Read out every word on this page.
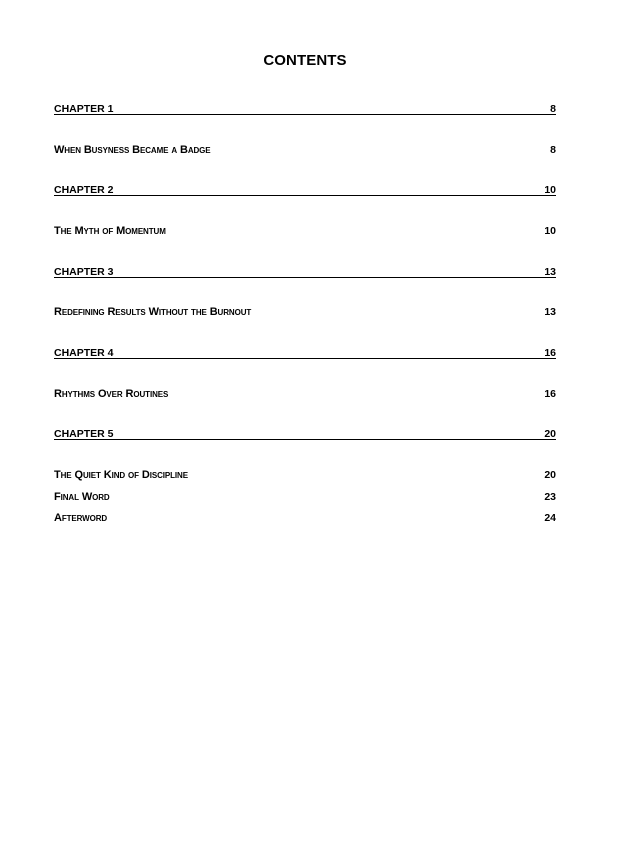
CONTENTS
CHAPTER 1	8
When Busyness Became a Badge	8
CHAPTER 2	10
The Myth of Momentum	10
CHAPTER 3	13
Redefining Results Without the Burnout	13
CHAPTER 4	16
Rhythms Over Routines	16
CHAPTER 5	20
The Quiet Kind of Discipline	20
Final Word	23
Afterword	24
